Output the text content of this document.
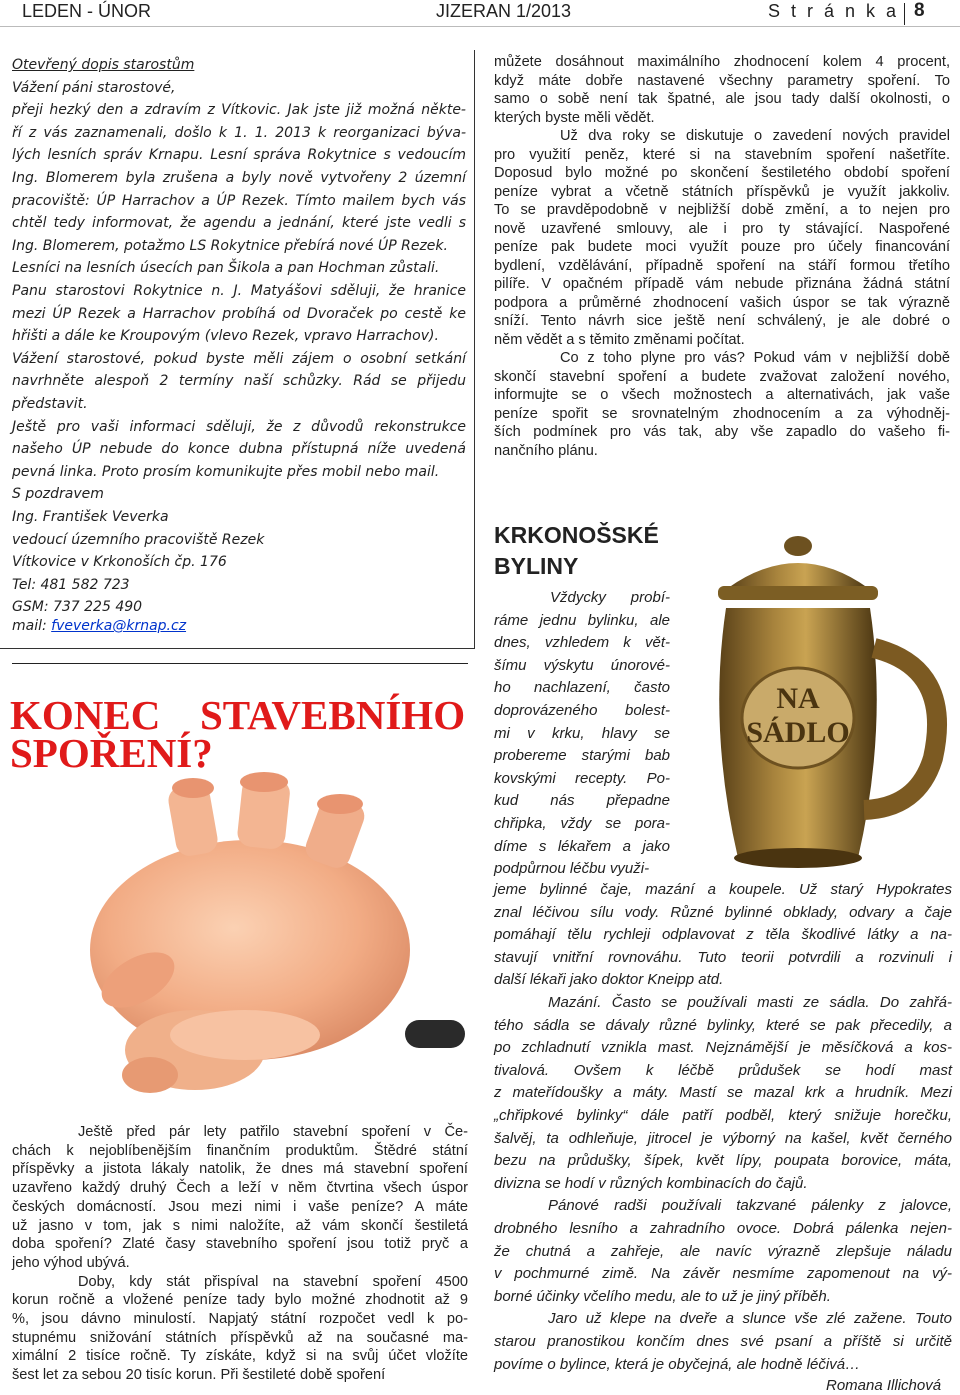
LEDEN - ÚNOR	JIZERAN 1/2013	S t r á n k a 8
Otevřený dopis starostům
Vážení páni starostové,
přeji hezký den a zdravím z Vítkovic. Jak jste již možná někte-
ří z vás zaznamenali, došlo k 1. 1. 2013 k reorganizaci býva-
lých lesních správ Krnapu. Lesní správa Rokytnice s vedoucím
Ing. Blomerem byla zrušena a byly nově vytvořeny 2 územní
pracoviště: ÚP Harrachov a ÚP Rezek. Tímto mailem bych vás
chtěl tedy informovat, že agendu a jednání, které jste vedli s
Ing. Blomerem, potažmo LS Rokytnice přebírá nové ÚP Rezek.
Lesníci na lesních úsecích pan Šikola a pan Hochman zůstali.
Panu starostovi Rokytnice n. J. Matyášovi sděluji, že hranice
mezi ÚP Rezek a Harrachov probíhá od Dvoraček po cestě ke
hřišti a dále ke Kroupovým (vlevo Rezek, vpravo Harrachov).
Vážení starostové, pokud byste měli zájem o osobní setkání
navrhněte alespoň 2 termíny naší schůzky. Rád se přijedu
představit.
Ještě pro vaši informaci sděluji, že z důvodů rekonstrukce
našeho ÚP nebude do konce dubna přístupná níže uvedená
pevná linka. Proto prosím komunikujte přes mobil nebo mail.
S pozdravem
Ing. František Veverka
vedoucí územního pracoviště Rezek
Vítkovice v Krkonoších čp. 176
Tel: 481 582 723
GSM: 737 225 490
mail: fveverka@krnap.cz
KONEC STAVEBNÍHO
SPOŘENÍ?
Ještě před pár lety patřilo stavební spoření v Če-
chách k nejoblíbenějším finančním produktům. Štědré státní
příspěvky a jistota lákaly natolik, že dnes má stavební spoření
uzavřeno každý druhý Čech a leží v něm čtvrtina všech úspor
českých domácností. Jsou mezi nimi i vaše peníze? A máte
už jasno v tom, jak s nimi naložíte, až vám skončí šestiletá
doba spoření? Zlaté časy stavebního spoření jsou totiž pryč a
jeho výhod ubývá.
Doby, kdy stát přispíval na stavební spoření 4500
korun ročně a vložené peníze tady bylo možné zhodnotit až 9
%, jsou dávno minulostí. Napjatý státní rozpočet vedl k po-
stupnému snižování státních příspěvků až na současné ma-
ximální 2 tisíce ročně. Ty získáte, když si na svůj účet vložíte
šest let za sebou 20 tisíc korun. Při šestileté době spoření
můžete dosáhnout maximálního zhodnocení kolem 4 procent,
když máte dobře nastavené všechny parametry spoření. To
samo o sobě není tak špatné, ale jsou tady další okolnosti, o
kterých byste měli vědět.
Už dva roky se diskutuje o zavedení nových pravidel
pro využití peněz, které si na stavebním spoření našetříte.
Doposud bylo možné po skončení šestiletého období spoření
peníze vybrat a včetně státních příspěvků je využít jakkoliv.
To se pravděpodobně v nejbližší době změní, a to nejen pro
nově uzavřené smlouvy, ale i pro ty stávající. Naspořené
peníze pak budete moci využít pouze pro účely financování
bydlení, vzdělávání, případně spoření na stáří formou třetího
pilíře. V opačném případě vám nebude přiznána žádná státní
podpora a průměrné zhodnocení vašich úspor se tak výrazně
sníží. Tento návrh sice ještě není schválený, je ale dobré o
něm vědět a s těmito změnami počítat.
Co z toho plyne pro vás? Pokud vám v nejbližší době
skončí stavební spoření a budete zvažovat založení nového,
informujte se o všech možnostech a alternativách, jak vaše
peníze spořit se srovnatelným zhodnocením a za výhodněj-
ších podmínek pro vás tak, aby vše zapadlo do vašeho fi-
nančního plánu.
KRKONOŠSKÉ
BYLINY
NA
SÁDLO
Vždycky probí-
ráme jednu bylinku, ale
dnes, vzhledem k vět-
šímu výskytu únorové-
ho nachlazení, často
doprovázeného bolest-
mi v krku, hlavy se
probereme starými bab
kovskými recepty. Po-
kud nás přepadne
chřipka, vždy se pora-
díme s lékařem a jako
podpůrnou léčbu využi-
jeme bylinné čaje, mazání a koupele. Už starý Hypokrates
znal léčivou sílu vody. Různé bylinné obklady, odvary a čaje
pomáhají tělu rychleji odplavovat z těla škodlivé látky a na-
stavují vnitřní rovnováhu. Tuto teorii potvrdili a rozvinuli i
další lékaři jako doktor Kneipp atd.
Mazání. Často se používali masti ze sádla. Do zahřá-
tého sádla se dávaly různé bylinky, které se pak přecedily, a
po zchladnutí vznikla mast. Nejznámější je měsíčková a kos-
tivalová. Ovšem k léčbě průdušek se hodí mast
z mateřídoušky a máty. Mastí se mazal krk a hrudník. Mezi
„chřipkové bylinky“ dále patří podběl, který snižuje horečku,
šalvěj, ta odhleňuje, jitrocel je výborný na kašel, květ černého
bezu na průdušky, šípek, květ lípy, poupata borovice, máta,
divizna se hodí v různých kombinacích do čajů.
Pánové radši používali takzvané pálenky z jalovce,
drobného lesního a zahradního ovoce. Dobrá pálenka nejen-
že chutná a zahřeje, ale navíc výrazně zlepšuje náladu
v pochmurné zimě. Na závěr nesmíme zapomenout na vý-
borné účinky včelího medu, ale to už je jiný příběh.
Jaro už klepe na dveře a slunce vše zlé zažene. Touto
starou pranostikou končím dnes své psaní a příště si určitě
povíme o bylince, která je obyčejná, ale hodně léčivá…
Romana Illichová
